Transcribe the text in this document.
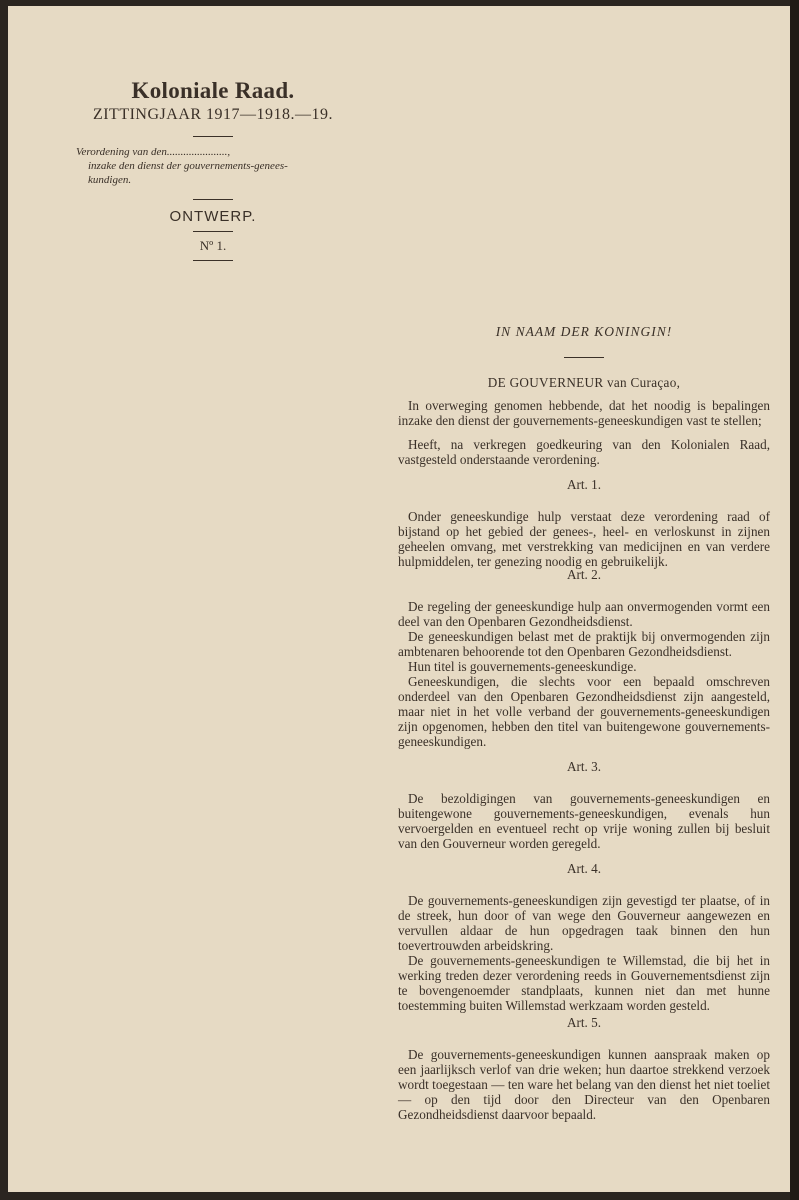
Koloniale Raad.

ZITTINGJAAR 1917—1918.—19.

Verordening van den......................,
inzake den dienst der gouvernements-genees-
kundigen.

ONTWERP.

Nº 1.

IN NAAM DER KONINGIN!

DE GOUVERNEUR van Curaçao,

In overweging genomen hebbende, dat het noodig is bepalingen inzake den dienst der gouvernements-geneeskundigen vast te stellen;

Heeft, na verkregen goedkeuring van den Kolonialen Raad, vastgesteld onderstaande verordening.

Art. 1.

Onder geneeskundige hulp verstaat deze verordening raad of bijstand op het gebied der genees-, heel- en verloskunst in zijnen geheelen omvang, met verstrekking van medicijnen en van verdere hulpmiddelen, ter genezing noodig en gebruikelijk.

Art. 2.

De regeling der geneeskundige hulp aan onvermogenden vormt een deel van den Openbaren Gezondheidsdienst.

De geneeskundigen belast met de praktijk bij onvermogenden zijn ambtenaren behoorende tot den Openbaren Gezondheidsdienst.

Hun titel is gouvernements-geneeskundige.

Geneeskundigen, die slechts voor een bepaald omschreven onderdeel van den Openbaren Gezondheidsdienst zijn aangesteld, maar niet in het volle verband der gouvernements-geneeskundigen zijn opgenomen, hebben den titel van buitengewone gouvernements-geneeskundigen.

Art. 3.

De bezoldigingen van gouvernements-geneeskundigen en buitengewone gouvernements-geneeskundigen, evenals hun vervoergelden en eventueel recht op vrije woning zullen bij besluit van den Gouverneur worden geregeld.

Art. 4.

De gouvernements-geneeskundigen zijn gevestigd ter plaatse, of in de streek, hun door of van wege den Gouverneur aangewezen en vervullen aldaar de hun opgedragen taak binnen den hun toevertrouwden arbeidskring.

De gouvernements-geneeskundigen te Willemstad, die bij het in werking treden dezer verordening reeds in Gouvernementsdienst zijn te bovengenoemder standplaats, kunnen niet dan met hunne toestemming buiten Willemstad werkzaam worden gesteld.

Art. 5.

De gouvernements-geneeskundigen kunnen aanspraak maken op een jaarlijksch verlof van drie weken; hun daartoe strekkend verzoek wordt toegestaan — ten ware het belang van den dienst het niet toeliet — op den tijd door den Directeur van den Openbaren Gezondheidsdienst daarvoor bepaald.
